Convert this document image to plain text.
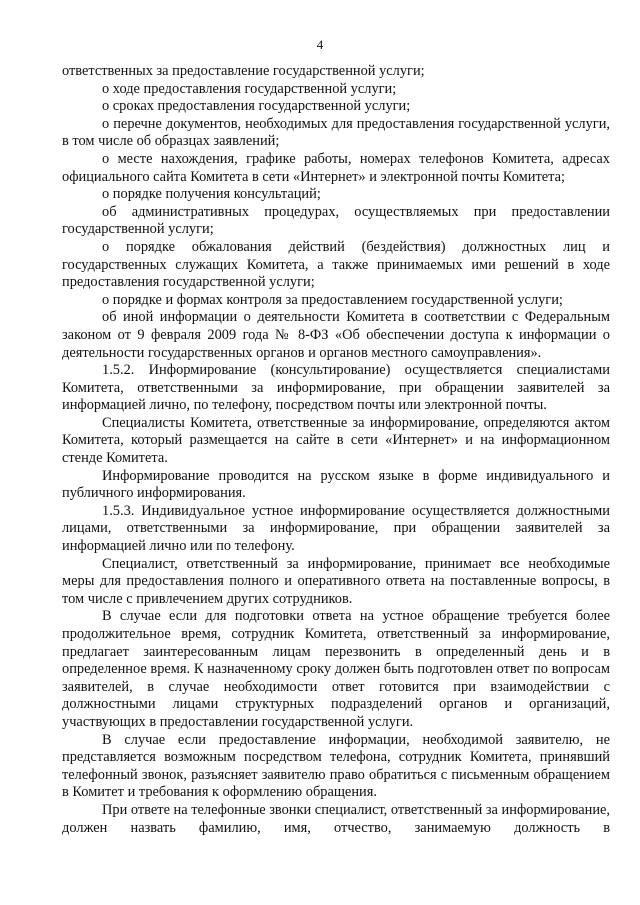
4

ответственных за предоставление государственной услуги;

о ходе предоставления государственной услуги;

о сроках предоставления государственной услуги;

о перечне документов, необходимых для предоставления государственной услуги, в том числе об образцах заявлений;

о месте нахождения, графике работы, номерах телефонов Комитета, адресах официального сайта Комитета в сети «Интернет» и электронной почты Комитета;

о порядке получения консультаций;

об административных процедурах, осуществляемых при предоставлении государственной услуги;

о порядке обжалования действий (бездействия) должностных лиц и государственных служащих Комитета, а также принимаемых ими решений в ходе предоставления государственной услуги;

о порядке и формах контроля за предоставлением государственной услуги;

об иной информации о деятельности Комитета в соответствии с Федеральным законом от 9 февраля 2009 года № 8-ФЗ «Об обеспечении доступа к информации о деятельности государственных органов и органов местного самоуправления».

1.5.2. Информирование (консультирование) осуществляется специалистами Комитета, ответственными за информирование, при обращении заявителей за информацией лично, по телефону, посредством почты или электронной почты.

Специалисты Комитета, ответственные за информирование, определяются актом Комитета, который размещается на сайте в сети «Интернет» и на информационном стенде Комитета.

Информирование проводится на русском языке в форме индивидуального и публичного информирования.

1.5.3. Индивидуальное устное информирование осуществляется должностными лицами, ответственными за информирование, при обращении заявителей за информацией лично или по телефону.

Специалист, ответственный за информирование, принимает все необходимые меры для предоставления полного и оперативного ответа на поставленные вопросы, в том числе с привлечением других сотрудников.

В случае если для подготовки ответа на устное обращение требуется более продолжительное время, сотрудник Комитета, ответственный за информирование, предлагает заинтересованным лицам перезвонить в определенный день и в определенное время. К назначенному сроку должен быть подготовлен ответ по вопросам заявителей, в случае необходимости ответ готовится при взаимодействии с должностными лицами структурных подразделений органов и организаций, участвующих в предоставлении государственной услуги.

В случае если предоставление информации, необходимой заявителю, не представляется возможным посредством телефона, сотрудник Комитета, принявший телефонный звонок, разъясняет заявителю право обратиться с письменным обращением в Комитет и требования к оформлению обращения.

При ответе на телефонные звонки специалист, ответственный за информирование, должен назвать фамилию, имя, отчество, занимаемую должность в
